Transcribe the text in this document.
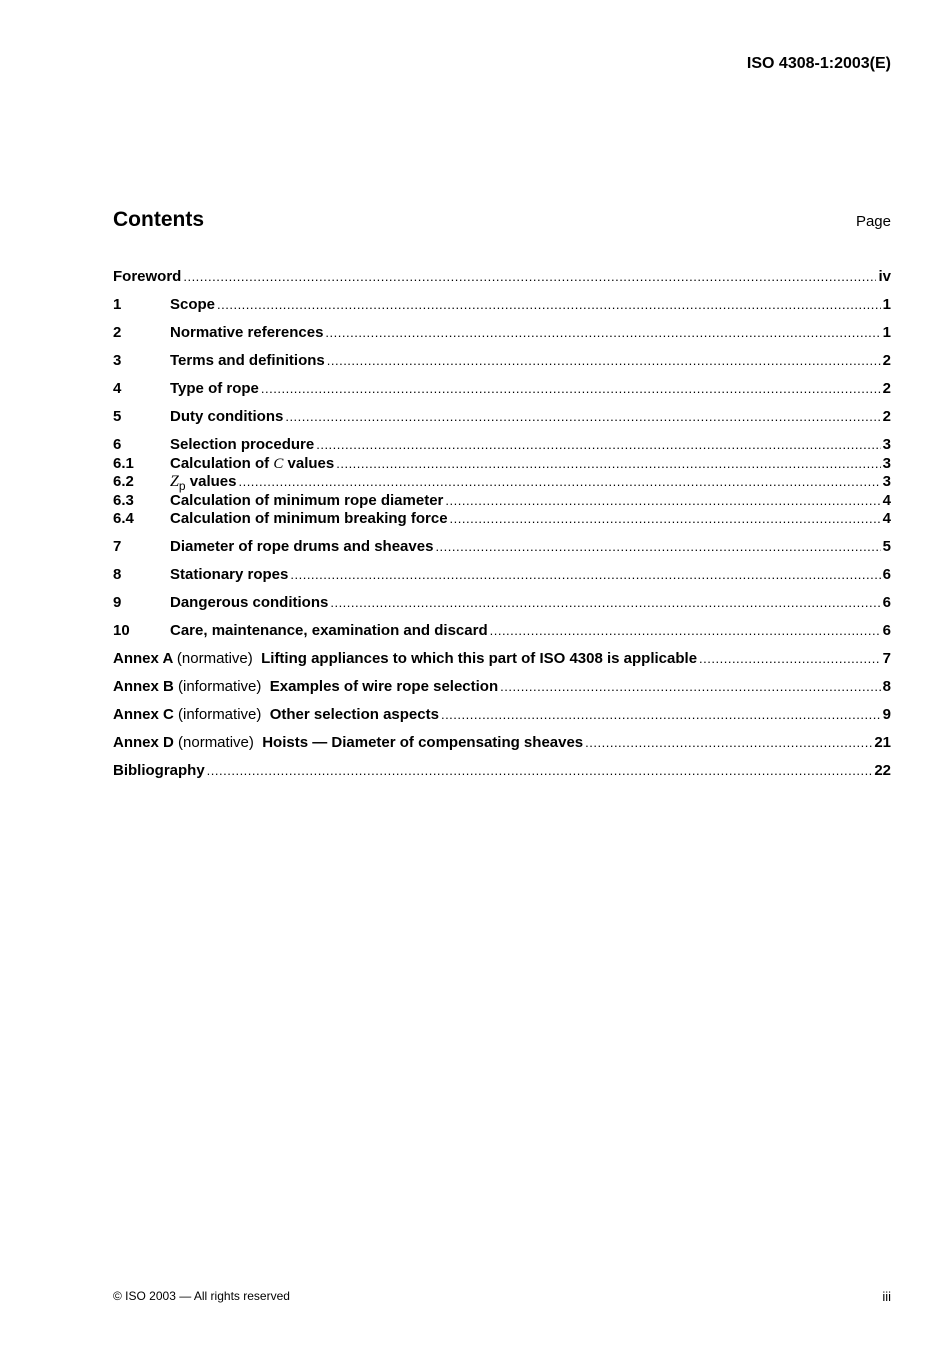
ISO 4308-1:2003(E)
Contents	Page
Foreword .....	iv
1	Scope .....	1
2	Normative references .....	1
3	Terms and definitions .....	2
4	Type of rope .....	2
5	Duty conditions .....	2
6	Selection procedure .....	3
6.1	Calculation of C values .....	3
6.2	$Z_p$ values .....	3
6.3	Calculation of minimum rope diameter .....	4
6.4	Calculation of minimum breaking force .....	4
7	Diameter of rope drums and sheaves .....	5
8	Stationary ropes .....	6
9	Dangerous conditions .....	6
10	Care, maintenance, examination and discard .....	6
Annex A (normative) Lifting appliances to which this part of ISO 4308 is applicable .....	7
Annex B (informative) Examples of wire rope selection .....	8
Annex C (informative) Other selection aspects .....	9
Annex D (normative) Hoists — Diameter of compensating sheaves .....	21
Bibliography .....	22
© ISO 2003 — All rights reserved	iii
